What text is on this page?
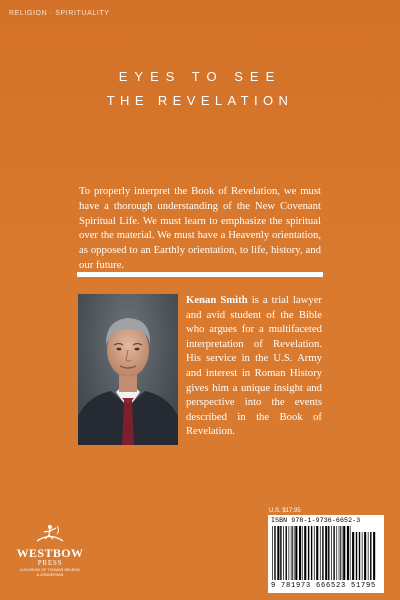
RELIGION · SPIRITUALITY
EYES TO SEE
THE REVELATION
To properly interpret the Book of Revelation, we must have a thorough understanding of the New Covenant Spiritual Life. We must learn to emphasize the spiritual over the material. We must have a Heavenly orientation, as opposed to an Earthly orientation, to life, history, and our future.
Kenan Smith is a trial lawyer and avid student of the Bible who argues for a multifaceted interpretation of Revelation. His service in the U.S. Army and interest in Roman History gives him a unique insight and perspective into the events described in the Book of Revelation.
U.S. $17.95
ISBN 978-1-9736-6652-3
9 781973 666523 51795
WESTBOW
PRESS
A DIVISION OF THOMAS NELSON
& ZONDERVAN
